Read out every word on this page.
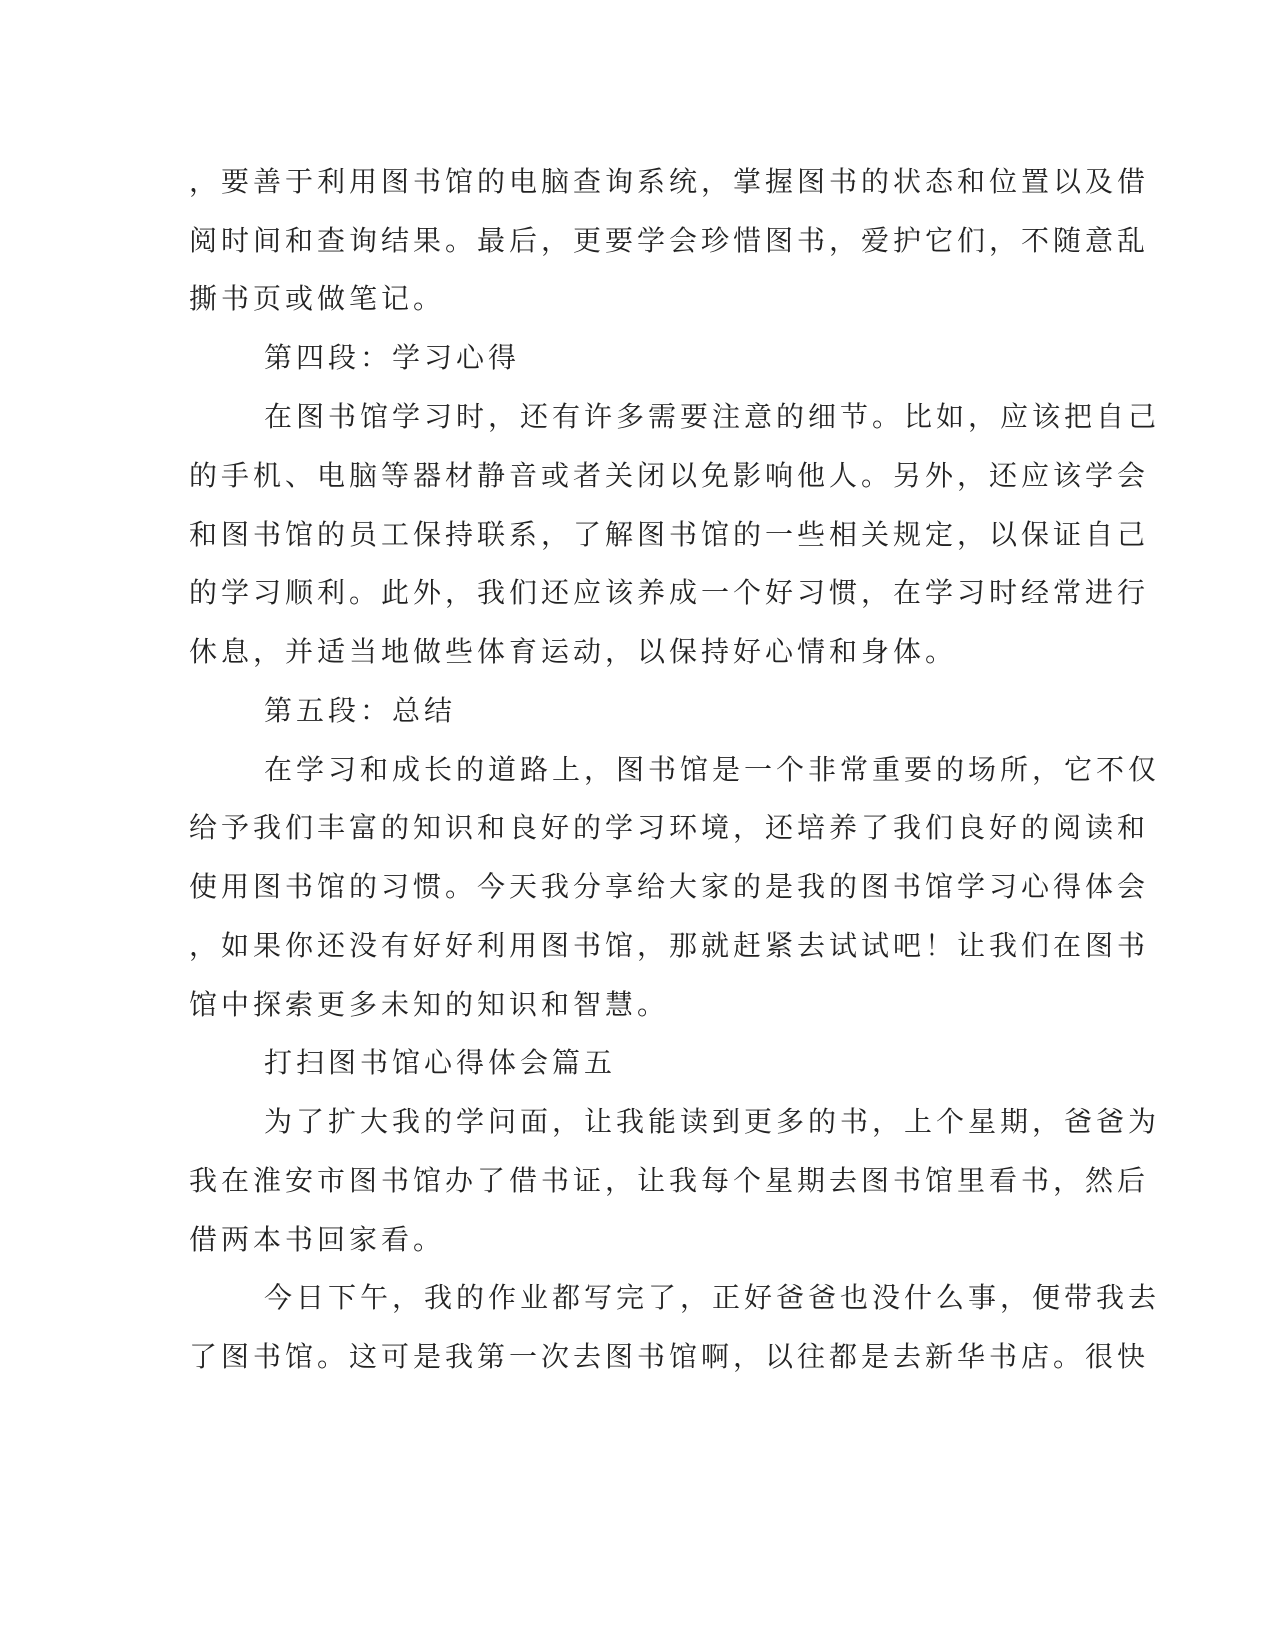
，要善于利用图书馆的电脑查询系统，掌握图书的状态和位置以及借
阅时间和查询结果。最后，更要学会珍惜图书，爱护它们，不随意乱
撕书页或做笔记。
第四段：学习心得
在图书馆学习时，还有许多需要注意的细节。比如，应该把自己
的手机、电脑等器材静音或者关闭以免影响他人。另外，还应该学会
和图书馆的员工保持联系，了解图书馆的一些相关规定，以保证自己
的学习顺利。此外，我们还应该养成一个好习惯，在学习时经常进行
休息，并适当地做些体育运动，以保持好心情和身体。
第五段：总结
在学习和成长的道路上，图书馆是一个非常重要的场所，它不仅
给予我们丰富的知识和良好的学习环境，还培养了我们良好的阅读和
使用图书馆的习惯。今天我分享给大家的是我的图书馆学习心得体会
，如果你还没有好好利用图书馆，那就赶紧去试试吧！让我们在图书
馆中探索更多未知的知识和智慧。
打扫图书馆心得体会篇五
为了扩大我的学问面，让我能读到更多的书，上个星期，爸爸为
我在淮安市图书馆办了借书证，让我每个星期去图书馆里看书，然后
借两本书回家看。
今日下午，我的作业都写完了，正好爸爸也没什么事，便带我去
了图书馆。这可是我第一次去图书馆啊，以往都是去新华书店。很快
